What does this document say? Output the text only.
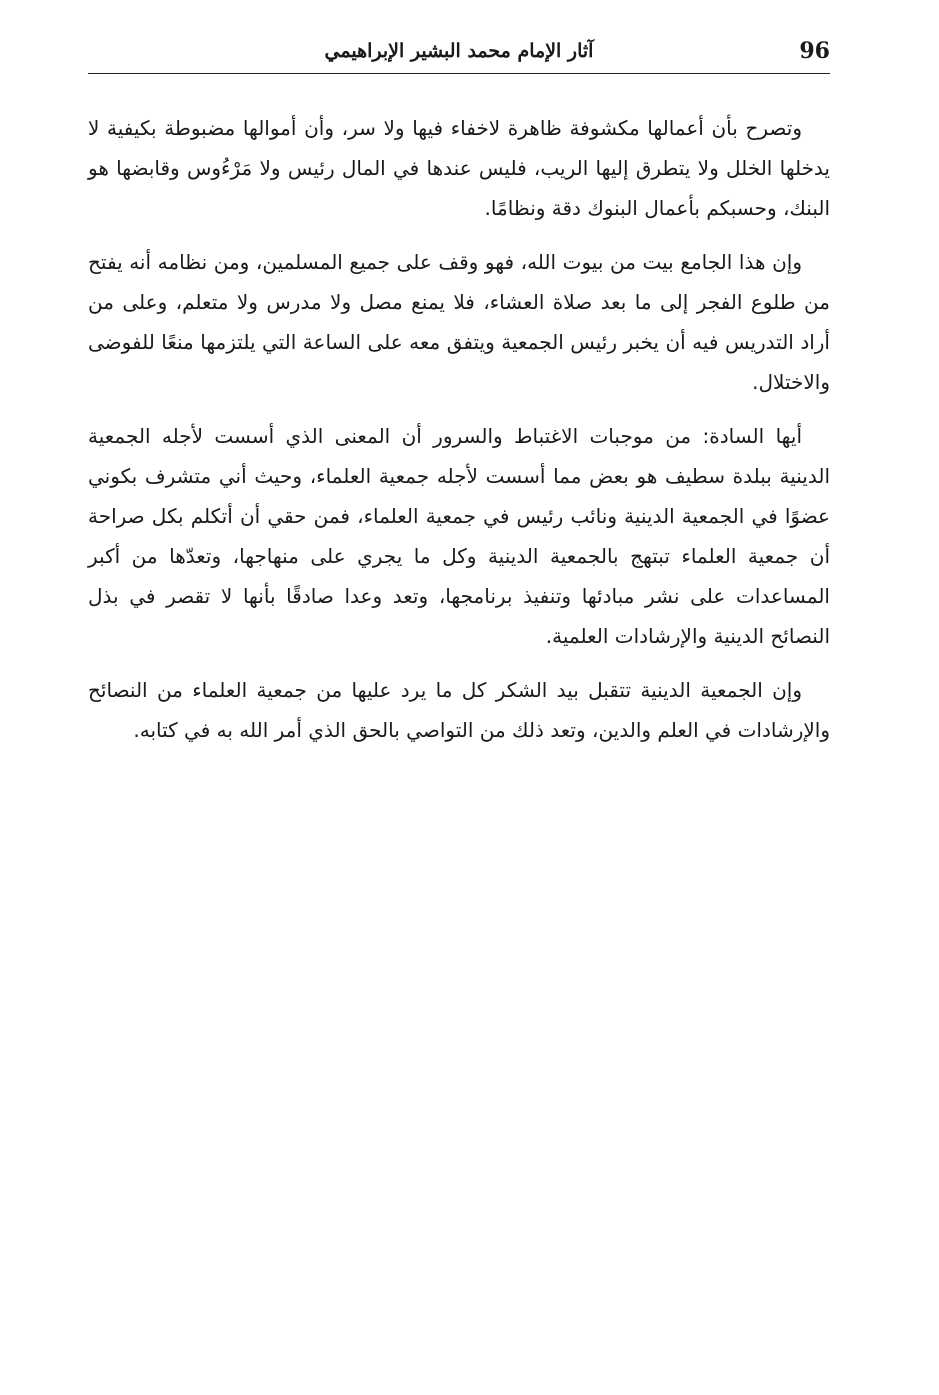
96
آثار الإمام محمد البشير الإبراهيمي

وتصرح بأن أعمالها مكشوفة ظاهرة لاخفاء فيها ولا سر، وأن أموالها مضبوطة بكيفية لا يدخلها الخلل ولا يتطرق إليها الريب، فليس عندها في المال رئيس ولا مَرْءُوس وقابضها هو البنك، وحسبكم بأعمال البنوك دقة ونظامًا.

وإن هذا الجامع بيت من بيوت الله، فهو وقف على جميع المسلمين، ومن نظامه أنه يفتح من طلوع الفجر إلى ما بعد صلاة العشاء، فلا يمنع مصل ولا مدرس ولا متعلم، وعلى من أراد التدريس فيه أن يخبر رئيس الجمعية ويتفق معه على الساعة التي يلتزمها منعًا للفوضى والاختلال.

أيها السادة: من موجبات الاغتباط والسرور أن المعنى الذي أسست لأجله الجمعية الدينية ببلدة سطيف هو بعض مما أسست لأجله جمعية العلماء، وحيث أني متشرف بكوني عضوًا في الجمعية الدينية ونائب رئيس في جمعية العلماء، فمن حقي أن أتكلم بكل صراحة أن جمعية العلماء تبتهج بالجمعية الدينية وكل ما يجري على منهاجها، وتعدّها من أكبر المساعدات على نشر مبادئها وتنفيذ برنامجها، وتعد وعدا صادقًا بأنها لا تقصر في بذل النصائح الدينية والإرشادات العلمية.

وإن الجمعية الدينية تتقبل بيد الشكر كل ما يرد عليها من جمعية العلماء من النصائح والإرشادات في العلم والدين، وتعد ذلك من التواصي بالحق الذي أمر الله به في كتابه.
